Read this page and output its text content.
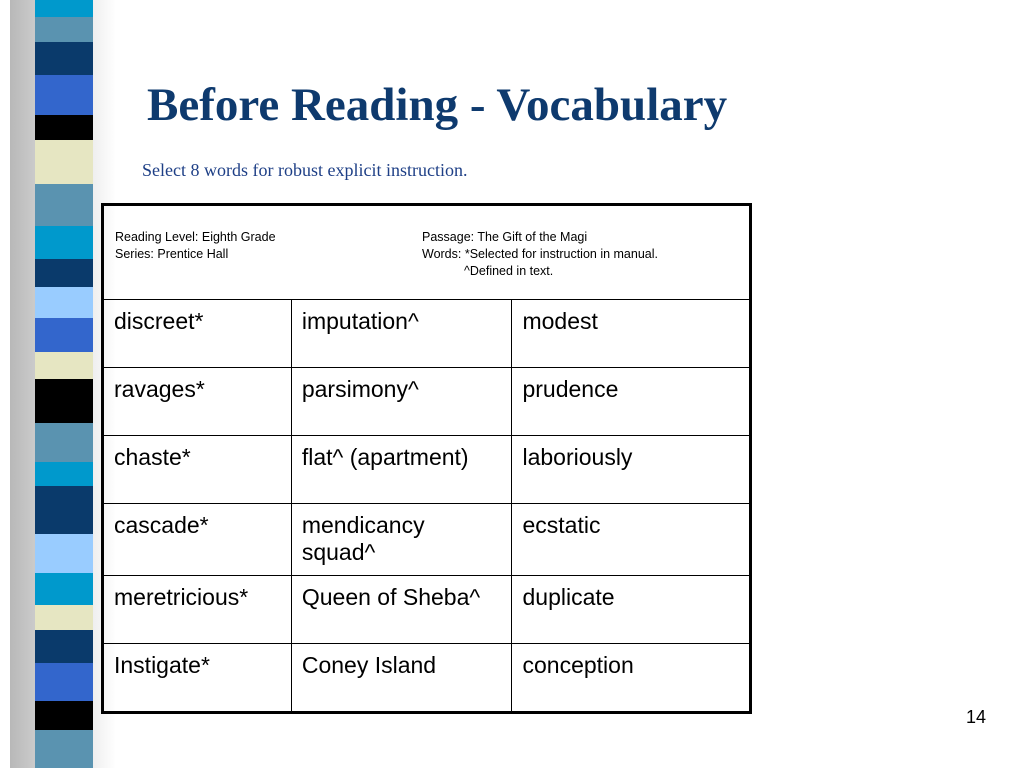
Before Reading - Vocabulary
Select 8 words for robust explicit instruction.
Reading Level: Eighth Grade
Series: Prentice Hall
Passage: The Gift of the Magi
Words: *Selected for instruction in manual.
^Defined in text.		

discreet*	imputation^	modest
ravages*	parsimony^	prudence
chaste*	flat^ (apartment)	laboriously
cascade*	mendicancy squad^	ecstatic
meretricious*	Queen of Sheba^	duplicate
Instigate*	Coney Island	conception
14
